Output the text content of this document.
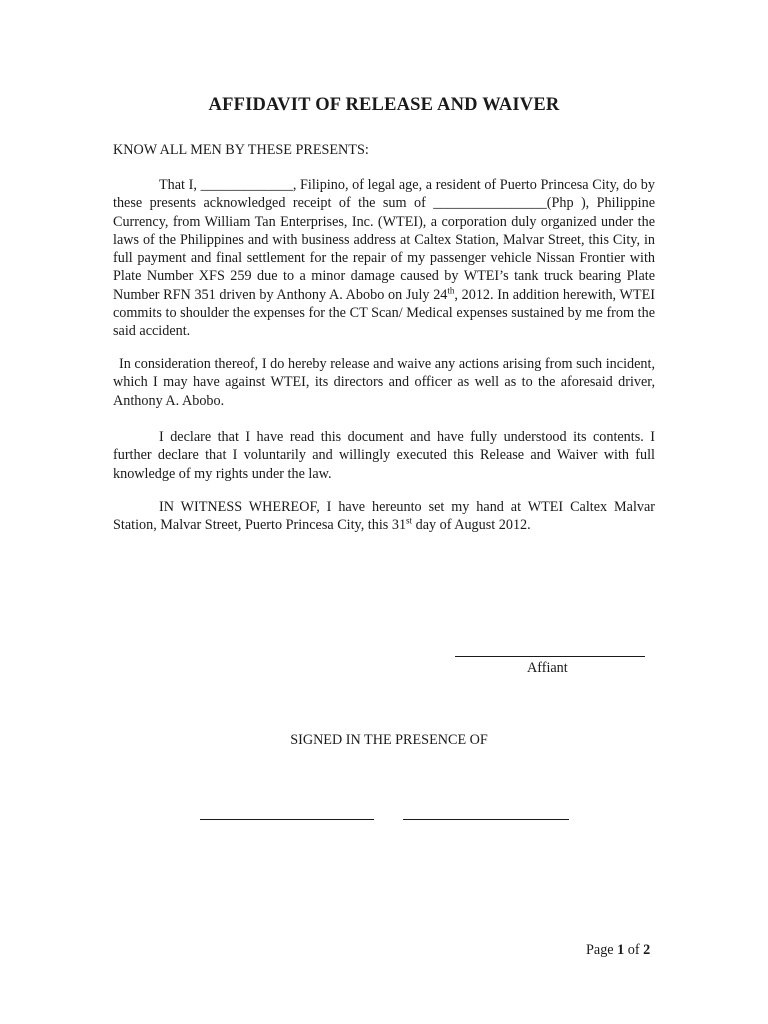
AFFIDAVIT OF RELEASE AND WAIVER
KNOW ALL MEN BY THESE PRESENTS:

That I, _____________, Filipino, of legal age, a resident of Puerto Princesa City, do by these presents acknowledged receipt of the sum of ________________(Php ), Philippine Currency, from William Tan Enterprises, Inc. (WTEI), a corporation duly organized under the laws of the Philippines and with business address at Caltex Station, Malvar Street, this City, in full payment and final settlement for the repair of my passenger vehicle Nissan Frontier with Plate Number XFS 259 due to a minor damage caused by WTEI’s tank truck bearing Plate Number RFN 351 driven by Anthony A. Abobo on July 24th, 2012. In addition herewith, WTEI commits to shoulder the expenses for the CT Scan/ Medical expenses sustained by me from the said accident.

In consideration thereof, I do hereby release and waive any actions arising from such incident, which I may have against WTEI, its directors and officer as well as to the aforesaid driver, Anthony A. Abobo.

I declare that I have read this document and have fully understood its contents. I further declare that I voluntarily and willingly executed this Release and Waiver with full knowledge of my rights under the law.

IN WITNESS WHEREOF, I have hereunto set my hand at WTEI Caltex Malvar Station, Malvar Street, Puerto Princesa City, this 31st day of August 2012.

Affiant
SIGNED IN THE PRESENCE OF
Page 1 of 2
